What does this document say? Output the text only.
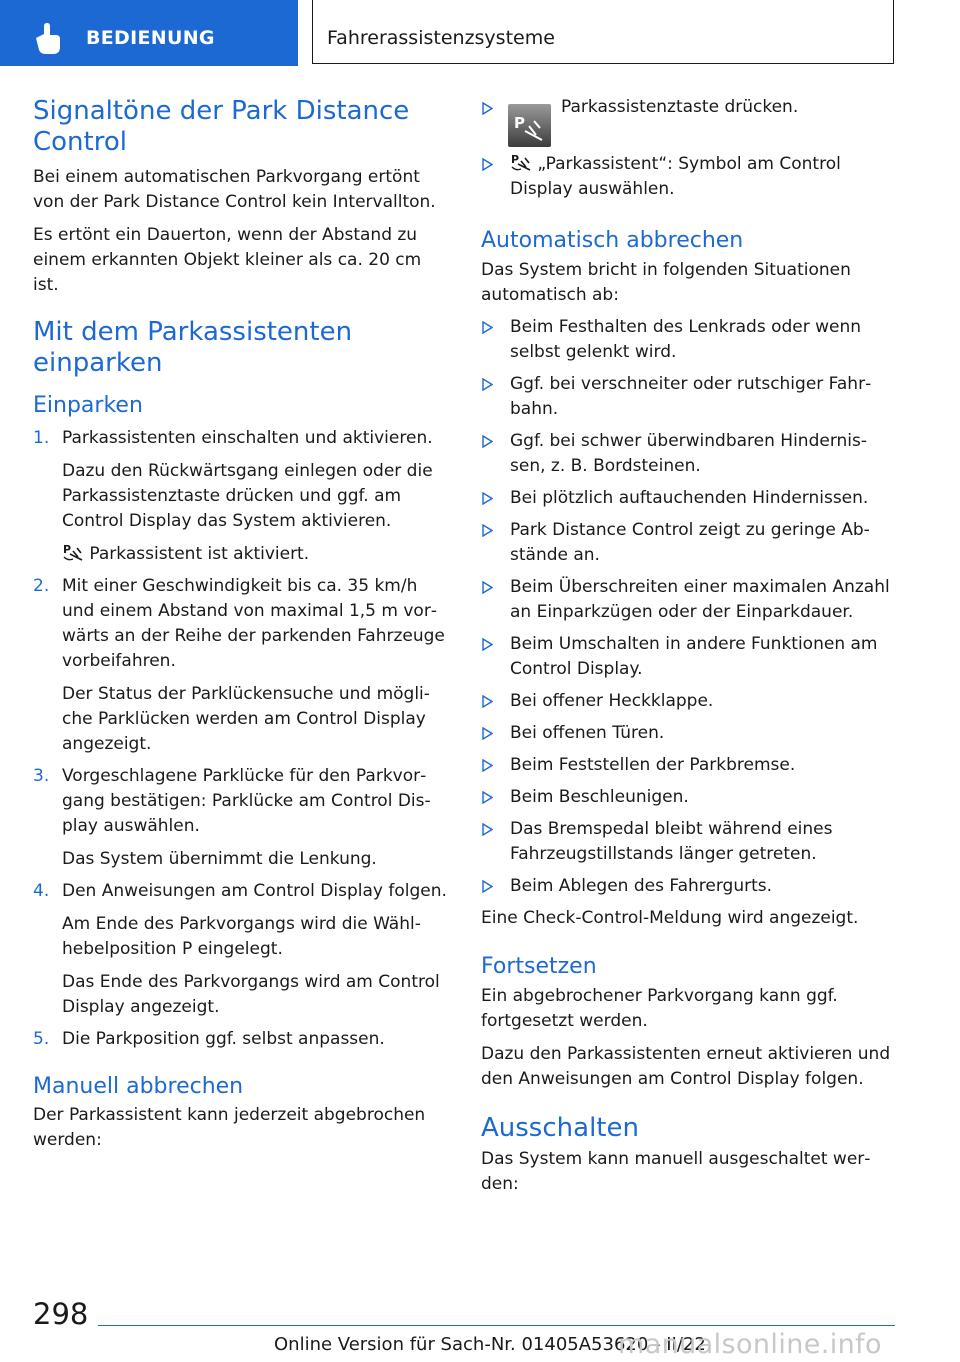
BEDIENUNG	Fahrerassistenzsysteme
Signaltöne der Park Distance Control

Bei einem automatischen Parkvorgang ertönt von der Park Distance Control kein Intervallton.

Es ertönt ein Dauerton, wenn der Abstand zu einem erkannten Objekt kleiner als ca. 20 cm ist.

Mit dem Parkassistenten einparken
Einparken
1. Parkassistenten einschalten und aktivieren.

Dazu den Rückwärtsgang einlegen oder die Parkassistenztaste drücken und ggf. am Control Display das System aktivieren.

P Parkassistent ist aktiviert.

2. Mit einer Geschwindigkeit bis ca. 35 km/h und einem Abstand von maximal 1,5 m vorwärts an der Reihe der parkenden Fahrzeuge vorbeifahren.

Der Status der Parklückensuche und mögliche Parklücken werden am Control Display angezeigt.

3. Vorgeschlagene Parklücke für den Parkvorgang bestätigen: Parklücke am Control Display auswählen.

Das System übernimmt die Lenkung.

4. Den Anweisungen am Control Display folgen.

Am Ende des Parkvorgangs wird die Wählhebelposition P eingelegt.

Das Ende des Parkvorgangs wird am Control Display angezeigt.

5. Die Parkposition ggf. selbst anpassen.
Manuell abbrechen

Der Parkassistent kann jederzeit abgebrochen werden:

P
Parkassistenztaste drücken.
P „Parkassistent“: Symbol am Control Display auswählen.
Automatisch abbrechen

Das System bricht in folgenden Situationen automatisch ab:

Beim Festhalten des Lenkrads oder wenn selbst gelenkt wird.
Ggf. bei verschneiter oder rutschiger Fahrbahn.
Ggf. bei schwer überwindbaren Hindernissen, z. B. Bordsteinen.
Bei plötzlich auftauchenden Hindernissen.
Park Distance Control zeigt zu geringe Abstände an.
Beim Überschreiten einer maximalen Anzahl an Einparkzügen oder der Einparkdauer.
Beim Umschalten in andere Funktionen am Control Display.
Bei offener Heckklappe.
Bei offenen Türen.
Beim Feststellen der Parkbremse.
Beim Beschleunigen.
Das Bremspedal bleibt während eines Fahrzeugstillstands länger getreten.
Beim Ablegen des Fahrergurts.

Eine Check-Control-Meldung wird angezeigt.

Fortsetzen

Ein abgebrochener Parkvorgang kann ggf. fortgesetzt werden.

Dazu den Parkassistenten erneut aktivieren und den Anweisungen am Control Display folgen.

Ausschalten

Das System kann manuell ausgeschaltet werden:

298
Online Version für Sach-Nr. 01405A53620 - II/22
manualsonline.info
